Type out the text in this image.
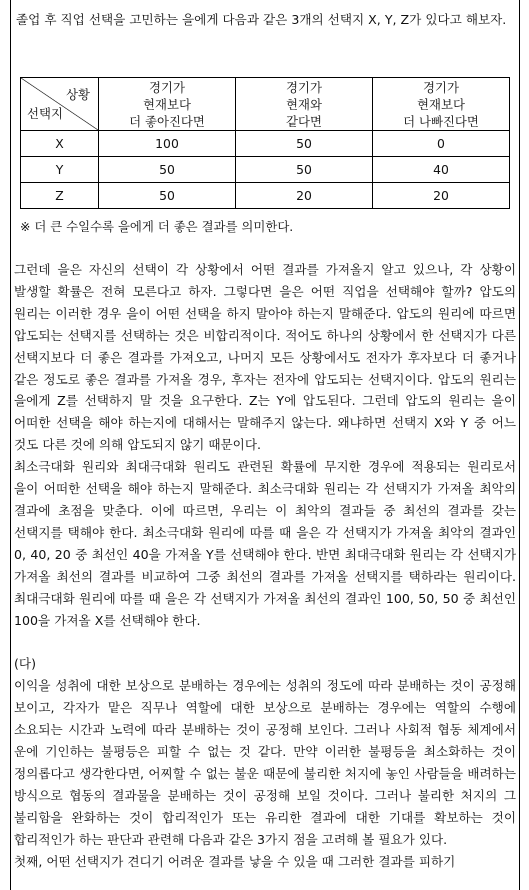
졸업 후 직업 선택을 고민하는 을에게 다음과 같은 3개의 선택지 X, Y, Z가 있다고 해보자.

상황
선택지	경기가
현재보다
더 좋아진다면	경기가
현재와
같다면	경기가
현재보다
더 나빠진다면
X	100	50	0
Y	50	50	40
Z	50	20	20

※ 더 큰 수일수록 을에게 더 좋은 결과를 의미한다.

그런데 을은 자신의 선택이 각 상황에서 어떤 결과를 가져올지 알고 있으나, 각 상황이 발생할 확률은 전혀 모른다고 하자. 그렇다면 을은 어떤 직업을 선택해야 할까? 압도의 원리는 이러한 경우 을이 어떤 선택을 하지 말아야 하는지 말해준다. 압도의 원리에 따르면 압도되는 선택지를 선택하는 것은 비합리적이다. 적어도 하나의 상황에서 한 선택지가 다른 선택지보다 더 좋은 결과를 가져오고, 나머지 모든 상황에서도 전자가 후자보다 더 좋거나 같은 정도로 좋은 결과를 가져올 경우, 후자는 전자에 압도되는 선택지이다. 압도의 원리는 을에게 Z를 선택하지 말 것을 요구한다. Z는 Y에 압도된다. 그런데 압도의 원리는 을이 어떠한 선택을 해야 하는지에 대해서는 말해주지 않는다. 왜냐하면 선택지 X와 Y 중 어느 것도 다른 것에 의해 압도되지 않기 때문이다.

최소극대화 원리와 최대극대화 원리도 관련된 확률에 무지한 경우에 적용되는 원리로서 을이 어떠한 선택을 해야 하는지 말해준다. 최소극대화 원리는 각 선택지가 가져올 최악의 결과에 초점을 맞춘다. 이에 따르면, 우리는 이 최악의 결과들 중 최선의 결과를 갖는 선택지를 택해야 한다. 최소극대화 원리에 따를 때 을은 각 선택지가 가져올 최악의 결과인 0, 40, 20 중 최선인 40을 가져올 Y를 선택해야 한다. 반면 최대극대화 원리는 각 선택지가 가져올 최선의 결과를 비교하여 그중 최선의 결과를 가져올 선택지를 택하라는 원리이다. 최대극대화 원리에 따를 때 을은 각 선택지가 가져올 최선의 결과인 100, 50, 50 중 최선인 100을 가져올 X를 선택해야 한다.

(다)

이익을 성취에 대한 보상으로 분배하는 경우에는 성취의 정도에 따라 분배하는 것이 공정해 보이고, 각자가 맡은 직무나 역할에 대한 보상으로 분배하는 경우에는 역할의 수행에 소요되는 시간과 노력에 따라 분배하는 것이 공정해 보인다. 그러나 사회적 협동 체계에서 운에 기인하는 불평등은 피할 수 없는 것 같다. 만약 이러한 불평등을 최소화하는 것이 정의롭다고 생각한다면, 어찌할 수 없는 불운 때문에 불리한 처지에 놓인 사람들을 배려하는 방식으로 협동의 결과물을 분배하는 것이 공정해 보일 것이다. 그러나 불리한 처지의 그 불리함을 완화하는 것이 합리적인가 또는 유리한 결과에 대한 기대를 확보하는 것이 합리적인가 하는 판단과 관련해 다음과 같은 3가지 점을 고려해 볼 필요가 있다.

첫째, 어떤 선택지가 견디기 어려운 결과를 낳을 수 있을 때 그러한 결과를 피하기
